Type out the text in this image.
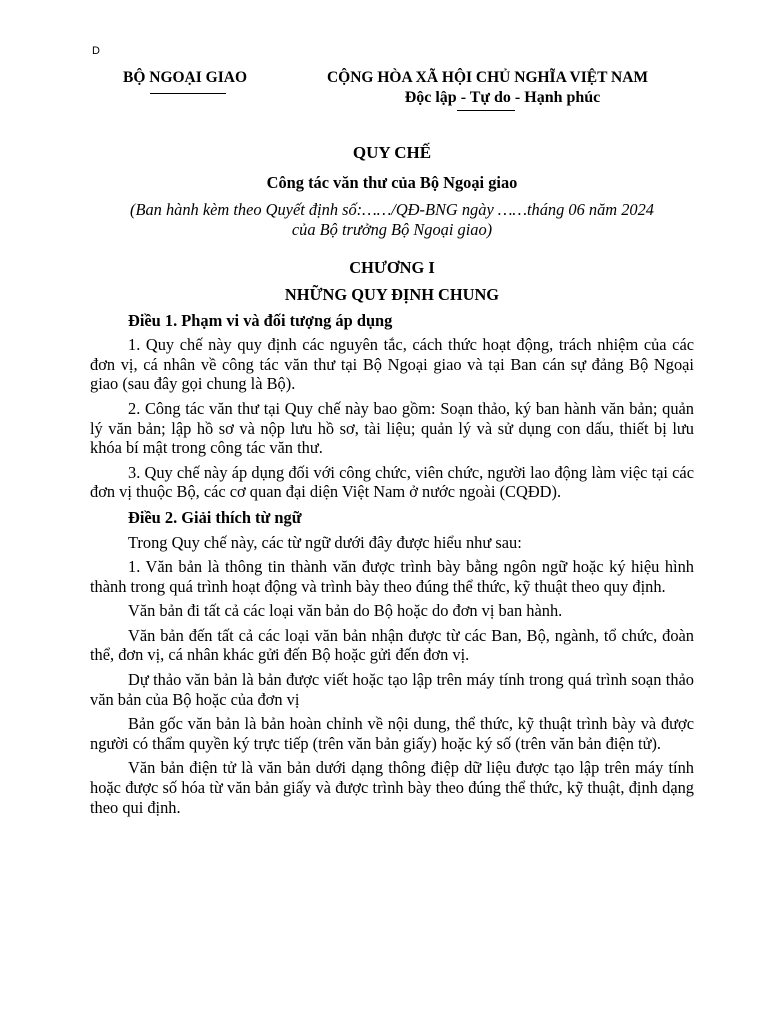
D
BỘ NGOẠI GIAO	CỘNG HÒA XÃ HỘI CHỦ NGHĨA VIỆT NAM
Độc lập - Tự do - Hạnh phúc

QUY CHẾ

Công tác văn thư của Bộ Ngoại giao

(Ban hành kèm theo Quyết định số:……/QĐ-BNG ngày ……tháng 06 năm 2024
của Bộ trưởng Bộ Ngoại giao)

CHƯƠNG I

NHỮNG QUY ĐỊNH CHUNG

Điều 1. Phạm vi và đối tượng áp dụng

1. Quy chế này quy định các nguyên tắc, cách thức hoạt động, trách nhiệm của các đơn vị, cá nhân về công tác văn thư tại Bộ Ngoại giao và tại Ban cán sự đảng Bộ Ngoại giao (sau đây gọi chung là Bộ).

2. Công tác văn thư tại Quy chế này bao gồm: Soạn thảo, ký ban hành văn bản; quản lý văn bản; lập hồ sơ và nộp lưu hồ sơ, tài liệu; quản lý và sử dụng con dấu, thiết bị lưu khóa bí mật trong công tác văn thư.

3. Quy chế này áp dụng đối với công chức, viên chức, người lao động làm việc tại các đơn vị thuộc Bộ, các cơ quan đại diện Việt Nam ở nước ngoài (CQĐD).

Điều 2. Giải thích từ ngữ

Trong Quy chế này, các từ ngữ dưới đây được hiểu như sau:

1. Văn bản là thông tin thành văn được trình bày bằng ngôn ngữ hoặc ký hiệu hình thành trong quá trình hoạt động và trình bày theo đúng thể thức, kỹ thuật theo quy định.

Văn bản đi tất cả các loại văn bản do Bộ hoặc do đơn vị ban hành.

Văn bản đến tất cả các loại văn bản nhận được từ các Ban, Bộ, ngành, tổ chức, đoàn thể, đơn vị, cá nhân khác gửi đến Bộ hoặc gửi đến đơn vị.

Dự thảo văn bản là bản được viết hoặc tạo lập trên máy tính trong quá trình soạn thảo văn bản của Bộ hoặc của đơn vị

Bản gốc văn bản là bản hoàn chỉnh về nội dung, thể thức, kỹ thuật trình bày và được người có thẩm quyền ký trực tiếp (trên văn bản giấy) hoặc ký số (trên văn bản điện tử).

Văn bản điện tử là văn bản dưới dạng thông điệp dữ liệu được tạo lập trên máy tính hoặc được số hóa từ văn bản giấy và được trình bày theo đúng thể thức, kỹ thuật, định dạng theo qui định.
